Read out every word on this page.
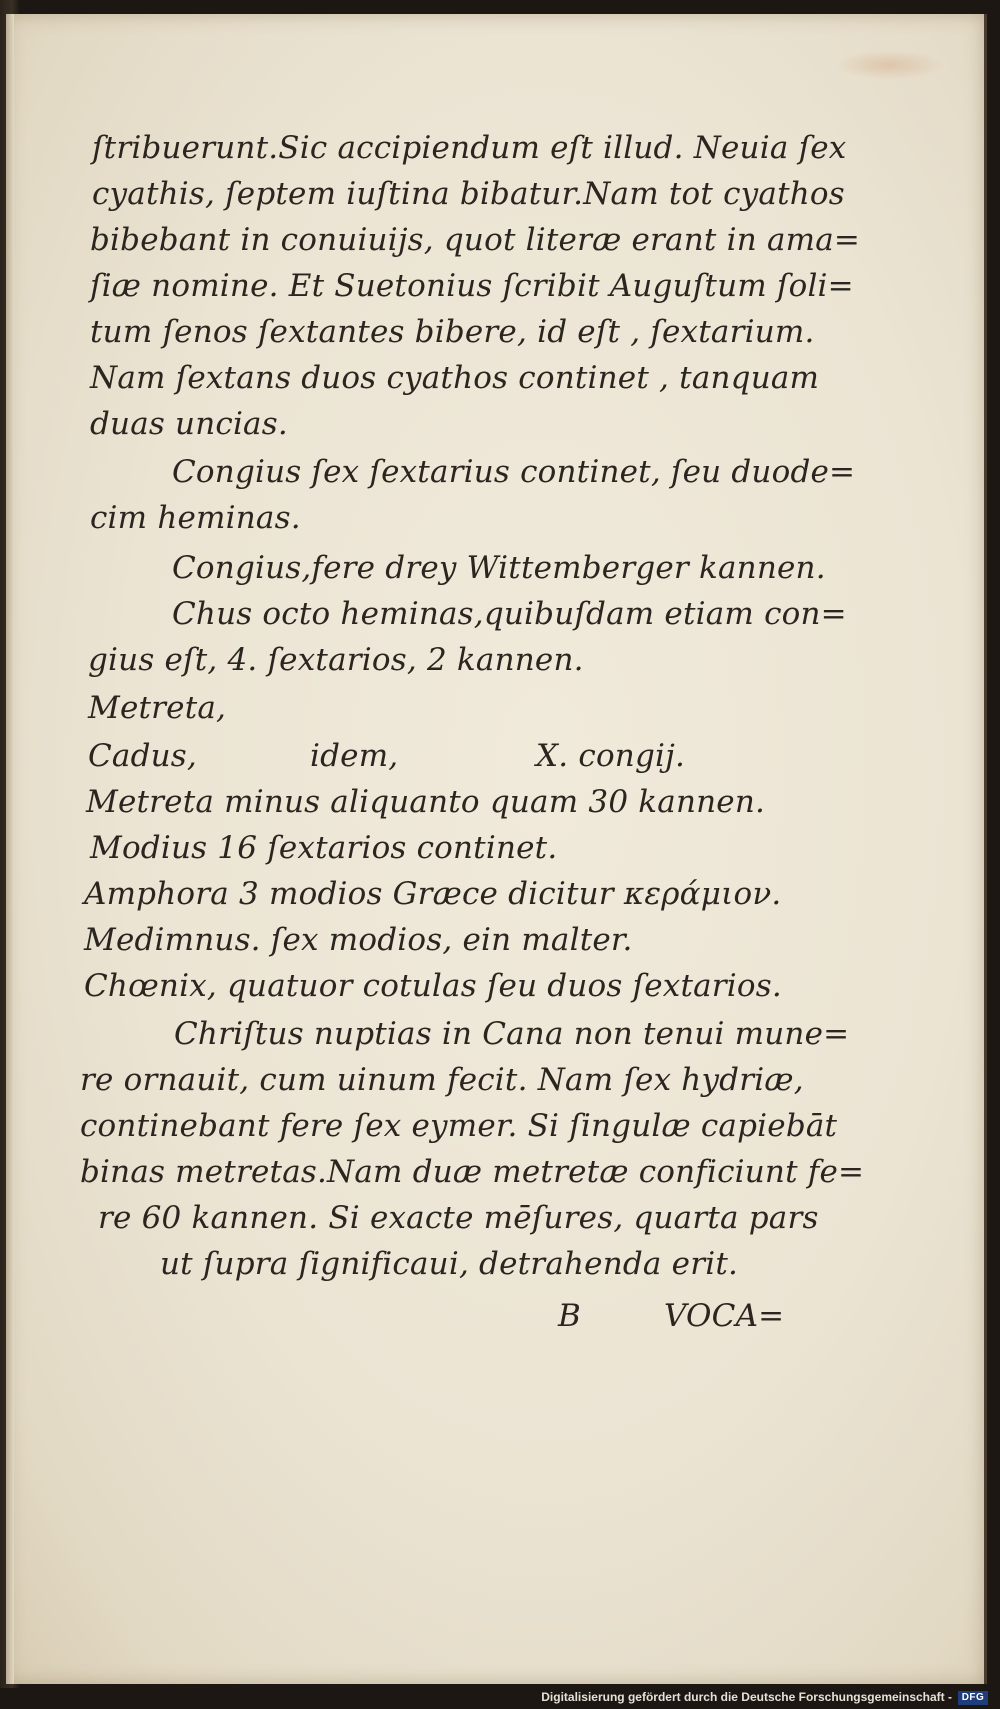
ſtribuerunt.Sic accipiendum eſt illud. Neuia ſex
cyathis, ſeptem iuſtina bibatur.Nam tot cyathos
bibebant in conuiuijs, quot literæ erant in ama=
ſiæ nomine. Et Suetonius ſcribit Auguſtum ſoli=
tum ſenos ſextantes bibere, id eſt , ſextarium.
Nam ſextans duos cyathos continet , tanquam
duas uncias.
Congius ſex ſextarius continet, ſeu duode=
cim heminas.
Congius,fere drey Wittemberger kannen.
Chus octo heminas,quibuſdam etiam con=
gius eſt, 4. ſextarios, 2 kannen.
Metreta,
Cadus,	idem,	X. congij.
Metreta minus aliquanto quam 30 kannen.
Modius 16 ſextarios continet.
Amphora 3 modios Græce dicitur κεράμιον.
Medimnus. ſex modios, ein malter.
Chœnix, quatuor cotulas ſeu duos ſextarios.
Chriſtus nuptias in Cana non tenui mune=
re ornauit, cum uinum fecit. Nam ſex hydriæ,
continebant fere ſex eymer. Si ſingulæ capiebāt
binas metretas.Nam duæ metretæ conficiunt fe=
re 60 kannen. Si exacte mēſures, quarta pars
ut ſupra ſignificaui, detrahenda erit.
B	VOCA=
Digitalisierung gefördert durch die Deutsche Forschungsgemeinschaft - DFG
